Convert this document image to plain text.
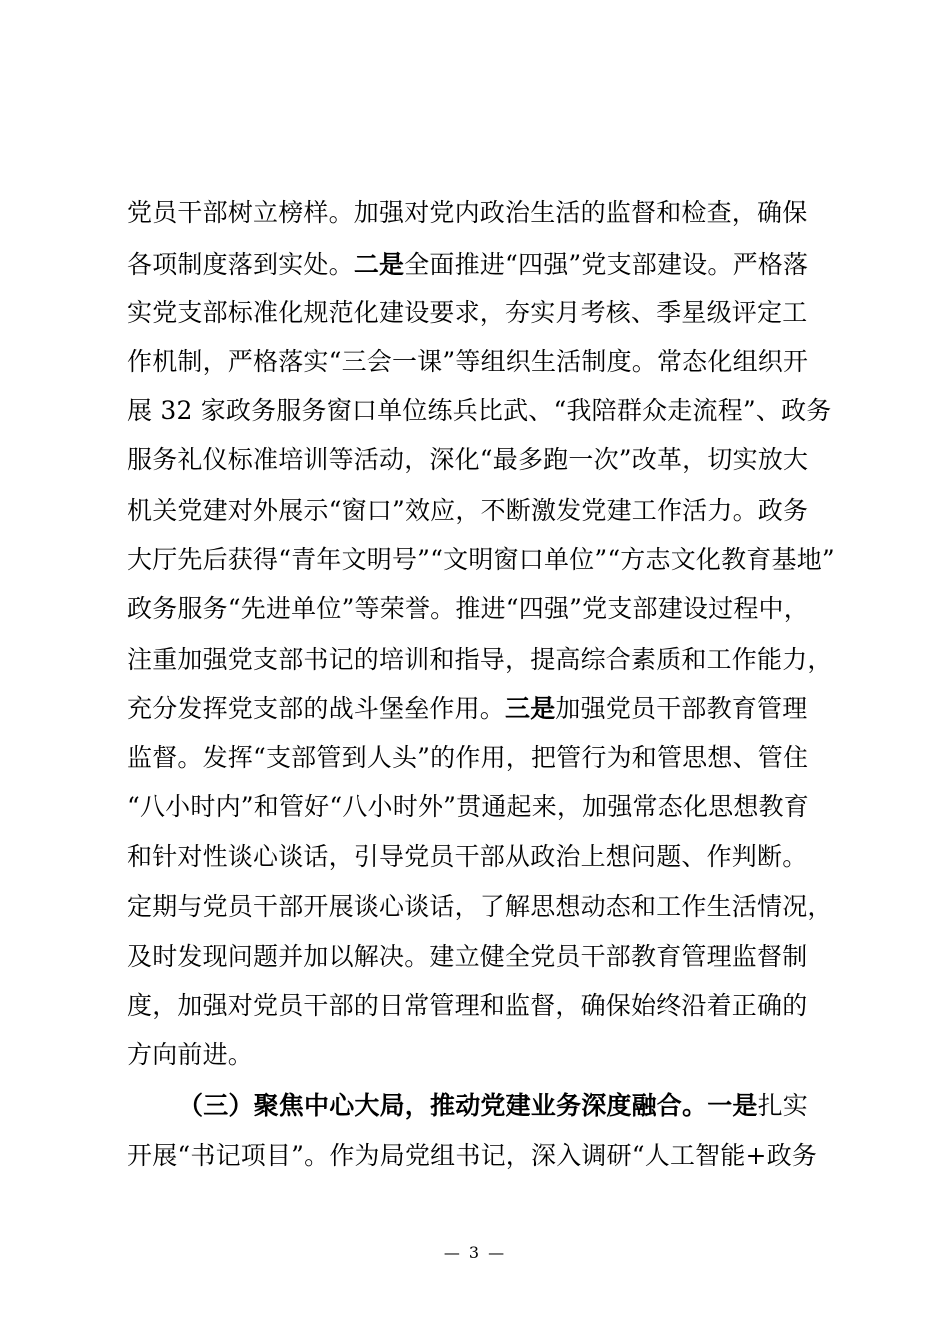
党员干部树立榜样。加强对党内政治生活的监督和检查，确保
各项制度落到实处。二是全面推进“四强”党支部建设。严格落
实党支部标准化规范化建设要求，夯实月考核、季星级评定工
作机制，严格落实“三会一课”等组织生活制度。常态化组织开
展 32 家政务服务窗口单位练兵比武、“我陪群众走流程”、政务
服务礼仪标准培训等活动，深化“最多跑一次”改革，切实放大
机关党建对外展示“窗口”效应，不断激发党建工作活力。政务
大厅先后获得“青年文明号”“文明窗口单位”“方志文化教育基地”
政务服务“先进单位”等荣誉。推进“四强”党支部建设过程中，
注重加强党支部书记的培训和指导，提高综合素质和工作能力，
充分发挥党支部的战斗堡垒作用。三是加强党员干部教育管理
监督。发挥“支部管到人头”的作用，把管行为和管思想、管住
“八小时内”和管好“八小时外”贯通起来，加强常态化思想教育
和针对性谈心谈话，引导党员干部从政治上想问题、作判断。
定期与党员干部开展谈心谈话，了解思想动态和工作生活情况，
及时发现问题并加以解决。建立健全党员干部教育管理监督制
度，加强对党员干部的日常管理和监督，确保始终沿着正确的
方向前进。
（三）聚焦中心大局，推动党建业务深度融合。一是扎实
开展“书记项目”。作为局党组书记，深入调研“人工智能+政务
— 3 —
